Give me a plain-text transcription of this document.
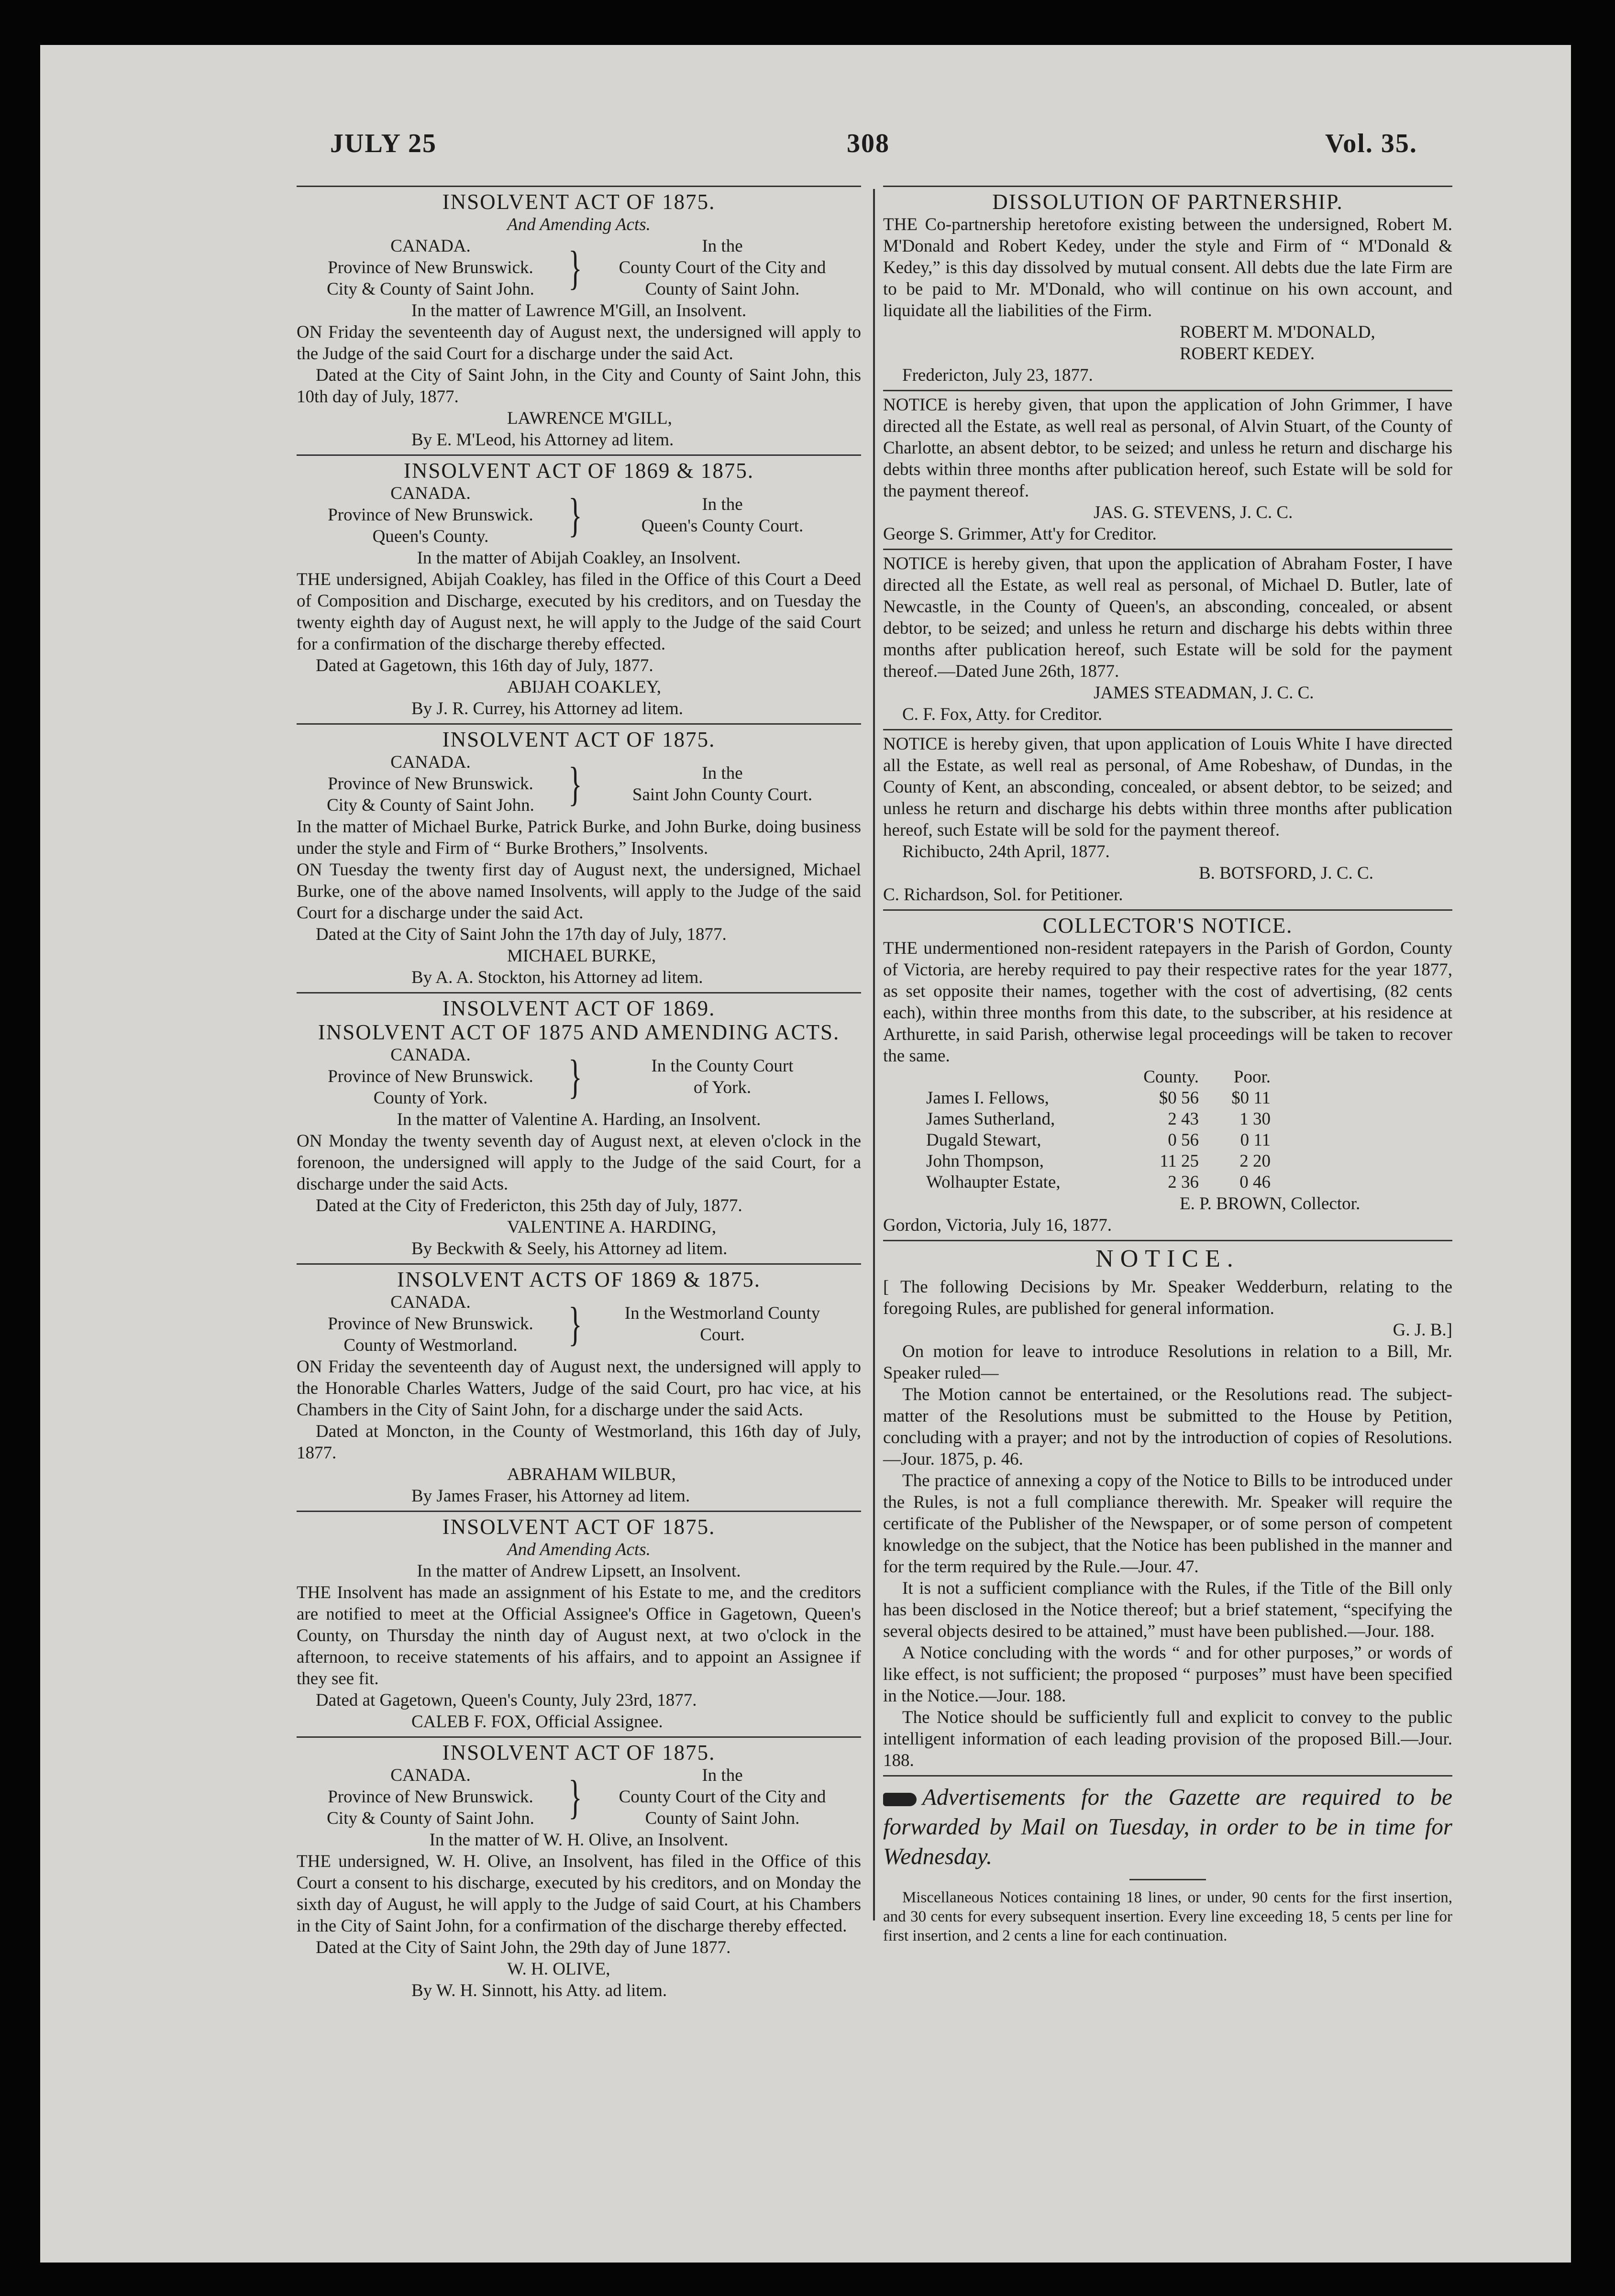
JULY 25	308	Vol. 35.
INSOLVENT ACT OF 1875.
And Amending Acts.
CANADA.
Province of New Brunswick.
City & County of Saint John. }	In the
County Court of the City and
County of Saint John.
In the matter of Lawrence M'Gill, an Insolvent.

ON Friday the seventeenth day of August next, the undersigned will apply to the Judge of the said Court for a discharge under the said Act.

Dated at the City of Saint John, in the City and County of Saint John, this 10th day of July, 1877.

LAWRENCE M'GILL,
By E. M'Leod, his Attorney ad litem.
INSOLVENT ACT OF 1869 & 1875.
CANADA.
Province of New Brunswick.
Queen's County.	}	In the
Queen's County Court.
In the matter of Abijah Coakley, an Insolvent.

THE undersigned, Abijah Coakley, has filed in the Office of this Court a Deed of Composition and Discharge, executed by his creditors, and on Tuesday the twenty eighth day of August next, he will apply to the Judge of the said Court for a confirmation of the discharge thereby effected.

Dated at Gagetown, this 16th day of July, 1877.

ABIJAH COAKLEY,
By J. R. Currey, his Attorney ad litem.
INSOLVENT ACT OF 1875.
CANADA.
Province of New Brunswick.
City & County of Saint John. }	In the
Saint John County Court.

In the matter of Michael Burke, Patrick Burke, and John Burke, doing business under the style and Firm of “ Burke Brothers,” Insolvents.

ON Tuesday the twenty first day of August next, the undersigned, Michael Burke, one of the above named Insolvents, will apply to the Judge of the said Court for a discharge under the said Act.

Dated at the City of Saint John the 17th day of July, 1877.

MICHAEL BURKE,
By A. A. Stockton, his Attorney ad litem.
INSOLVENT ACT OF 1869.
INSOLVENT ACT OF 1875 AND AMENDING ACTS.
CANADA.
Province of New Brunswick.
County of York.	}	In the County Court
of York.
In the matter of Valentine A. Harding, an Insolvent.

ON Monday the twenty seventh day of August next, at eleven o'clock in the forenoon, the undersigned will apply to the Judge of the said Court, for a discharge under the said Acts.

Dated at the City of Fredericton, this 25th day of July, 1877.

VALENTINE A. HARDING,
By Beckwith & Seely, his Attorney ad litem.
INSOLVENT ACTS OF 1869 & 1875.
CANADA.
Province of New Brunswick.
County of Westmorland.	}	In the Westmorland County
Court.

ON Friday the seventeenth day of August next, the undersigned will apply to the Honorable Charles Watters, Judge of the said Court, pro hac vice, at his Chambers in the City of Saint John, for a discharge under the said Acts.

Dated at Moncton, in the County of Westmorland, this 16th day of July, 1877.

ABRAHAM WILBUR,
By James Fraser, his Attorney ad litem.
INSOLVENT ACT OF 1875.
And Amending Acts.
In the matter of Andrew Lipsett, an Insolvent.

THE Insolvent has made an assignment of his Estate to me, and the creditors are notified to meet at the Official Assignee's Office in Gagetown, Queen's County, on Thursday the ninth day of August next, at two o'clock in the afternoon, to receive statements of his affairs, and to appoint an Assignee if they see fit.

Dated at Gagetown, Queen's County, July 23rd, 1877.

CALEB F. FOX, Official Assignee.
INSOLVENT ACT OF 1875.
CANADA.
Province of New Brunswick.
City & County of Saint John. }	In the
County Court of the City and
County of Saint John.
In the matter of W. H. Olive, an Insolvent.

THE undersigned, W. H. Olive, an Insolvent, has filed in the Office of this Court a consent to his discharge, executed by his creditors, and on Monday the sixth day of August, he will apply to the Judge of said Court, at his Chambers in the City of Saint John, for a confirmation of the discharge thereby effected.

Dated at the City of Saint John, the 29th day of June 1877.

W. H. OLIVE,
By W. H. Sinnott, his Atty. ad litem.
DISSOLUTION OF PARTNERSHIP.

THE Co-partnership heretofore existing between the undersigned, Robert M. M'Donald and Robert Kedey, under the style and Firm of “ M'Donald & Kedey,” is this day dissolved by mutual consent. All debts due the late Firm are to be paid to Mr. M'Donald, who will continue on his own account, and liquidate all the liabilities of the Firm.

ROBERT M. M'DONALD,
ROBERT KEDEY.
Fredericton, July 23, 1877.

NOTICE is hereby given, that upon the application of John Grimmer, I have directed all the Estate, as well real as personal, of Alvin Stuart, of the County of Charlotte, an absent debtor, to be seized; and unless he return and discharge his debts within three months after publication hereof, such Estate will be sold for the payment thereof.

JAS. G. STEVENS, J. C. C.
George S. Grimmer, Att'y for Creditor.

NOTICE is hereby given, that upon the application of Abraham Foster, I have directed all the Estate, as well real as personal, of Michael D. Butler, late of Newcastle, in the County of Queen's, an absconding, concealed, or absent debtor, to be seized; and unless he return and discharge his debts within three months after publication hereof, such Estate will be sold for the payment thereof.—Dated June 26th, 1877.

JAMES STEADMAN, J. C. C.
C. F. Fox, Atty. for Creditor.

NOTICE is hereby given, that upon application of Louis White I have directed all the Estate, as well real as personal, of Ame Robeshaw, of Dundas, in the County of Kent, an absconding, concealed, or absent debtor, to be seized; and unless he return and discharge his debts within three months after publication hereof, such Estate will be sold for the payment thereof.

Richibucto, 24th April, 1877.
B. BOTSFORD, J. C. C.
C. Richardson, Sol. for Petitioner.
COLLECTOR'S NOTICE.

THE undermentioned non-resident ratepayers in the Parish of Gordon, County of Victoria, are hereby required to pay their respective rates for the year 1877, as set opposite their names, together with the cost of advertising, (82 cents each), within three months from this date, to the subscriber, at his residence at Arthurette, in said Parish, otherwise legal proceedings will be taken to recover the same.

	County.	Poor.
James I. Fellows,	$0 56	$0 11
James Sutherland,	2 43	1 30
Dugald Stewart,	0 56	0 11
John Thompson,	11 25	2 20
Wolhaupter Estate,	2 36	0 46
E. P. BROWN, Collector.
Gordon, Victoria, July 16, 1877.
NOTICE.

[ The following Decisions by Mr. Speaker Wedderburn, relating to the foregoing Rules, are published for general information.

G. J. B.]

On motion for leave to introduce Resolutions in relation to a Bill, Mr. Speaker ruled—

The Motion cannot be entertained, or the Resolutions read. The subject-matter of the Resolutions must be submitted to the House by Petition, concluding with a prayer; and not by the introduction of copies of Resolutions.—Jour. 1875, p. 46.

The practice of annexing a copy of the Notice to Bills to be introduced under the Rules, is not a full compliance therewith. Mr. Speaker will require the certificate of the Publisher of the Newspaper, or of some person of competent knowledge on the subject, that the Notice has been published in the manner and for the term required by the Rule.—Jour. 47.

It is not a sufficient compliance with the Rules, if the Title of the Bill only has been disclosed in the Notice thereof; but a brief statement, “specifying the several objects desired to be attained,” must have been published.—Jour. 188.

A Notice concluding with the words “ and for other purposes,” or words of like effect, is not sufficient; the proposed “ purposes” must have been specified in the Notice.—Jour. 188.

The Notice should be sufficiently full and explicit to convey to the public intelligent information of each leading provision of the proposed Bill.—Jour. 188.

Advertisements for the Gazette are required to be forwarded by Mail on Tuesday, in order to be in time for Wednesday.

Miscellaneous Notices containing 18 lines, or under, 90 cents for the first insertion, and 30 cents for every subsequent insertion. Every line exceeding 18, 5 cents per line for first insertion, and 2 cents a line for each continuation.
